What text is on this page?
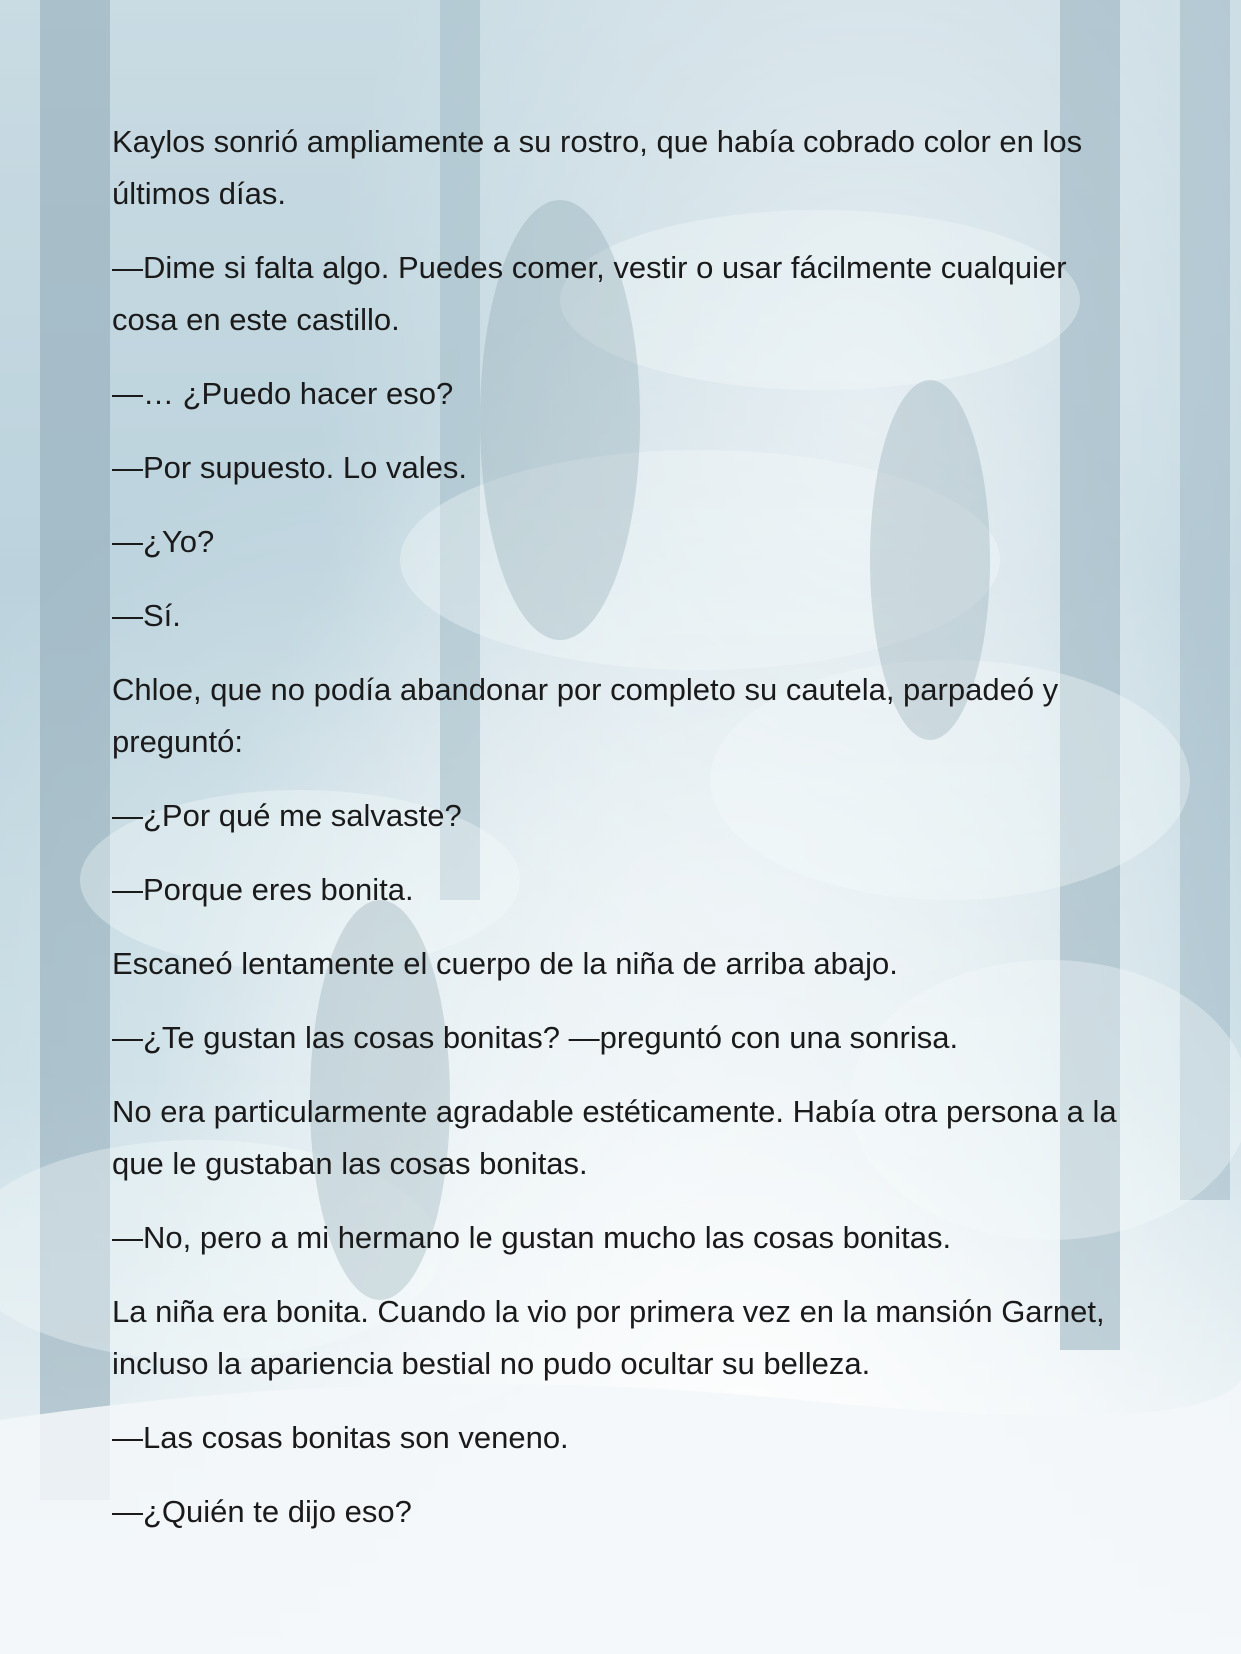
Kaylos sonrió ampliamente a su rostro, que había cobrado color en los últimos días.

—Dime si falta algo. Puedes comer, vestir o usar fácilmente cualquier cosa en este castillo.

—… ¿Puedo hacer eso?

—Por supuesto. Lo vales.

—¿Yo?

—Sí.

Chloe, que no podía abandonar por completo su cautela, parpadeó y preguntó:

—¿Por qué me salvaste?

—Porque eres bonita.

Escaneó lentamente el cuerpo de la niña de arriba abajo.

—¿Te gustan las cosas bonitas? —preguntó con una sonrisa.

No era particularmente agradable estéticamente. Había otra persona a la que le gustaban las cosas bonitas.

—No, pero a mi hermano le gustan mucho las cosas bonitas.

La niña era bonita. Cuando la vio por primera vez en la mansión Garnet, incluso la apariencia bestial no pudo ocultar su belleza.

—Las cosas bonitas son veneno.

—¿Quién te dijo eso?
